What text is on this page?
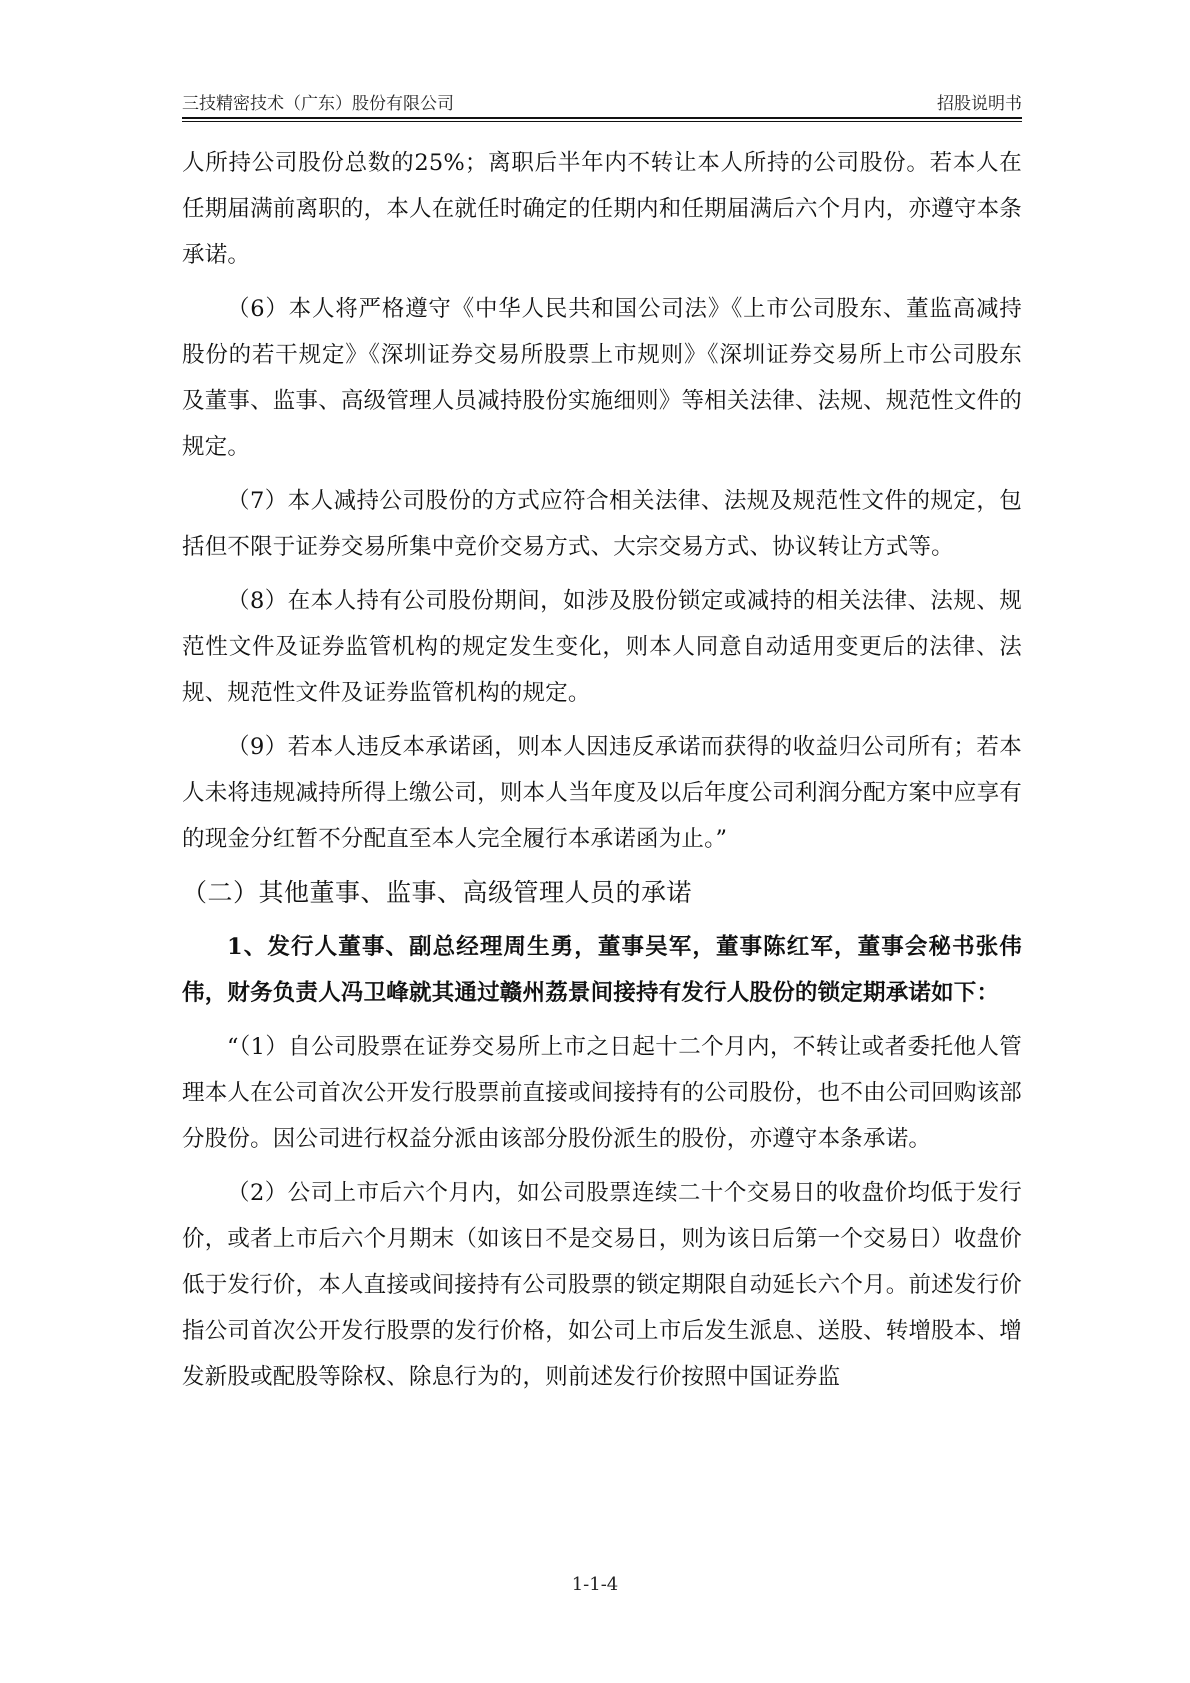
三技精密技术（广东）股份有限公司	招股说明书

人所持公司股份总数的25%；离职后半年内不转让本人所持的公司股份。若本人在任期届满前离职的，本人在就任时确定的任期内和任期届满后六个月内，亦遵守本条承诺。

（6）本人将严格遵守《中华人民共和国公司法》《上市公司股东、董监高减持股份的若干规定》《深圳证券交易所股票上市规则》《深圳证券交易所上市公司股东及董事、监事、高级管理人员减持股份实施细则》等相关法律、法规、规范性文件的规定。

（7）本人减持公司股份的方式应符合相关法律、法规及规范性文件的规定，包括但不限于证券交易所集中竞价交易方式、大宗交易方式、协议转让方式等。

（8）在本人持有公司股份期间，如涉及股份锁定或减持的相关法律、法规、规范性文件及证券监管机构的规定发生变化，则本人同意自动适用变更后的法律、法规、规范性文件及证券监管机构的规定。

（9）若本人违反本承诺函，则本人因违反承诺而获得的收益归公司所有；若本人未将违规减持所得上缴公司，则本人当年度及以后年度公司利润分配方案中应享有的现金分红暂不分配直至本人完全履行本承诺函为止。”

（二）其他董事、监事、高级管理人员的承诺

1、发行人董事、副总经理周生勇，董事吴军，董事陈红军，董事会秘书张伟伟，财务负责人冯卫峰就其通过赣州荔景间接持有发行人股份的锁定期承诺如下：

“（1）自公司股票在证券交易所上市之日起十二个月内，不转让或者委托他人管理本人在公司首次公开发行股票前直接或间接持有的公司股份，也不由公司回购该部分股份。因公司进行权益分派由该部分股份派生的股份，亦遵守本条承诺。

（2）公司上市后六个月内，如公司股票连续二十个交易日的收盘价均低于发行价，或者上市后六个月期末（如该日不是交易日，则为该日后第一个交易日）收盘价低于发行价，本人直接或间接持有公司股票的锁定期限自动延长六个月。前述发行价指公司首次公开发行股票的发行价格，如公司上市后发生派息、送股、转增股本、增发新股或配股等除权、除息行为的，则前述发行价按照中国证券监

1-1-4
